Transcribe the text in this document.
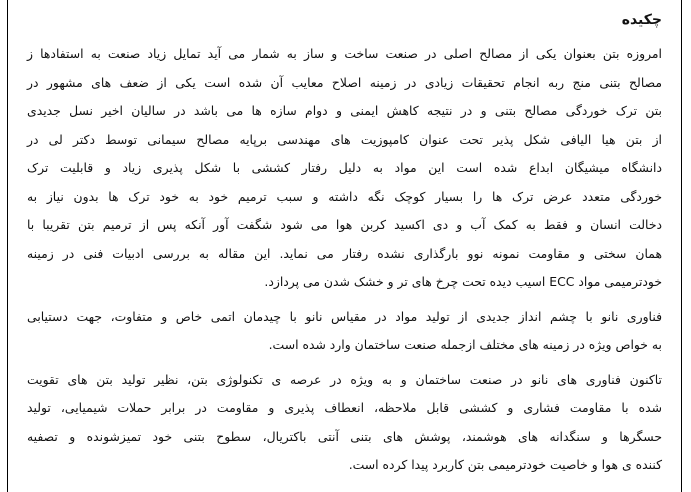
چکیده
امروزه بتن بعنوان یکی از مصالح اصلی در صنعت ساخت و ساز به شمار می آید تمایل زیاد صنعت به استفادها ز
مصالح بتنی منج ربه انجام تحقیقات زیادی در زمینه اصلاح معایب آن شده است یکی از ضعف های مشهور در
بتن ترک خوردگی مصالح بتنی و در نتیجه کاهش ایمنی و دوام سازه ها می باشد در سالیان اخیر نسل جدیدی
از بتن هیا الیافی شکل پذیر تحت عنوان کامپوزیت های مهندسی برپایه مصالح سیمانی توسط دکتر لی در
دانشگاه میشیگان ابداع شده است این مواد به دلیل رفتار کششی با شکل پذیری زیاد و قابلیت ترک
خوردگی متعدد عرض ترک ها را بسیار کوچک نگه داشته و سبب ترمیم خود به خود ترک ها بدون نیاز به
دخالت انسان و فقط به کمک آب و دی اکسید کربن هوا می شود شگفت آور آنکه پس از ترمیم بتن تقریبا با
همان سختی و مقاومت نمونه نوو بارگذاری نشده رفتار می نماید. این مقاله به بررسی ادبیات فنی در زمینه
خودترمیمی مواد ECC اسیب دیده تحت چرخ های تر و خشک شدن می پردازد.
فناوری نانو با چشم انداز جدیدی از تولید مواد در مقیاس نانو با چیدمان اتمی خاص و متفاوت، جهت دستیابی
به خواص ویژه در زمینه های مختلف ازجمله صنعت ساختمان وارد شده است.
تاکنون فناوری های نانو در صنعت ساختمان و به ویژه در عرصه ی تکنولوژی بتن، نظیر تولید بتن های تقویت
شده با مقاومت فشاری و کششی قابل ملاحظه، انعطاف پذیری و مقاومت در برابر حملات شیمیایی، تولید
حسگرها و سنگدانه های هوشمند، پوشش های بتنی آنتی باکتریال، سطوح بتنی خود تمیزشونده و تصفیه
کننده ی هوا و خاصیت خودترمیمی بتن کاربرد پیدا کرده است.
